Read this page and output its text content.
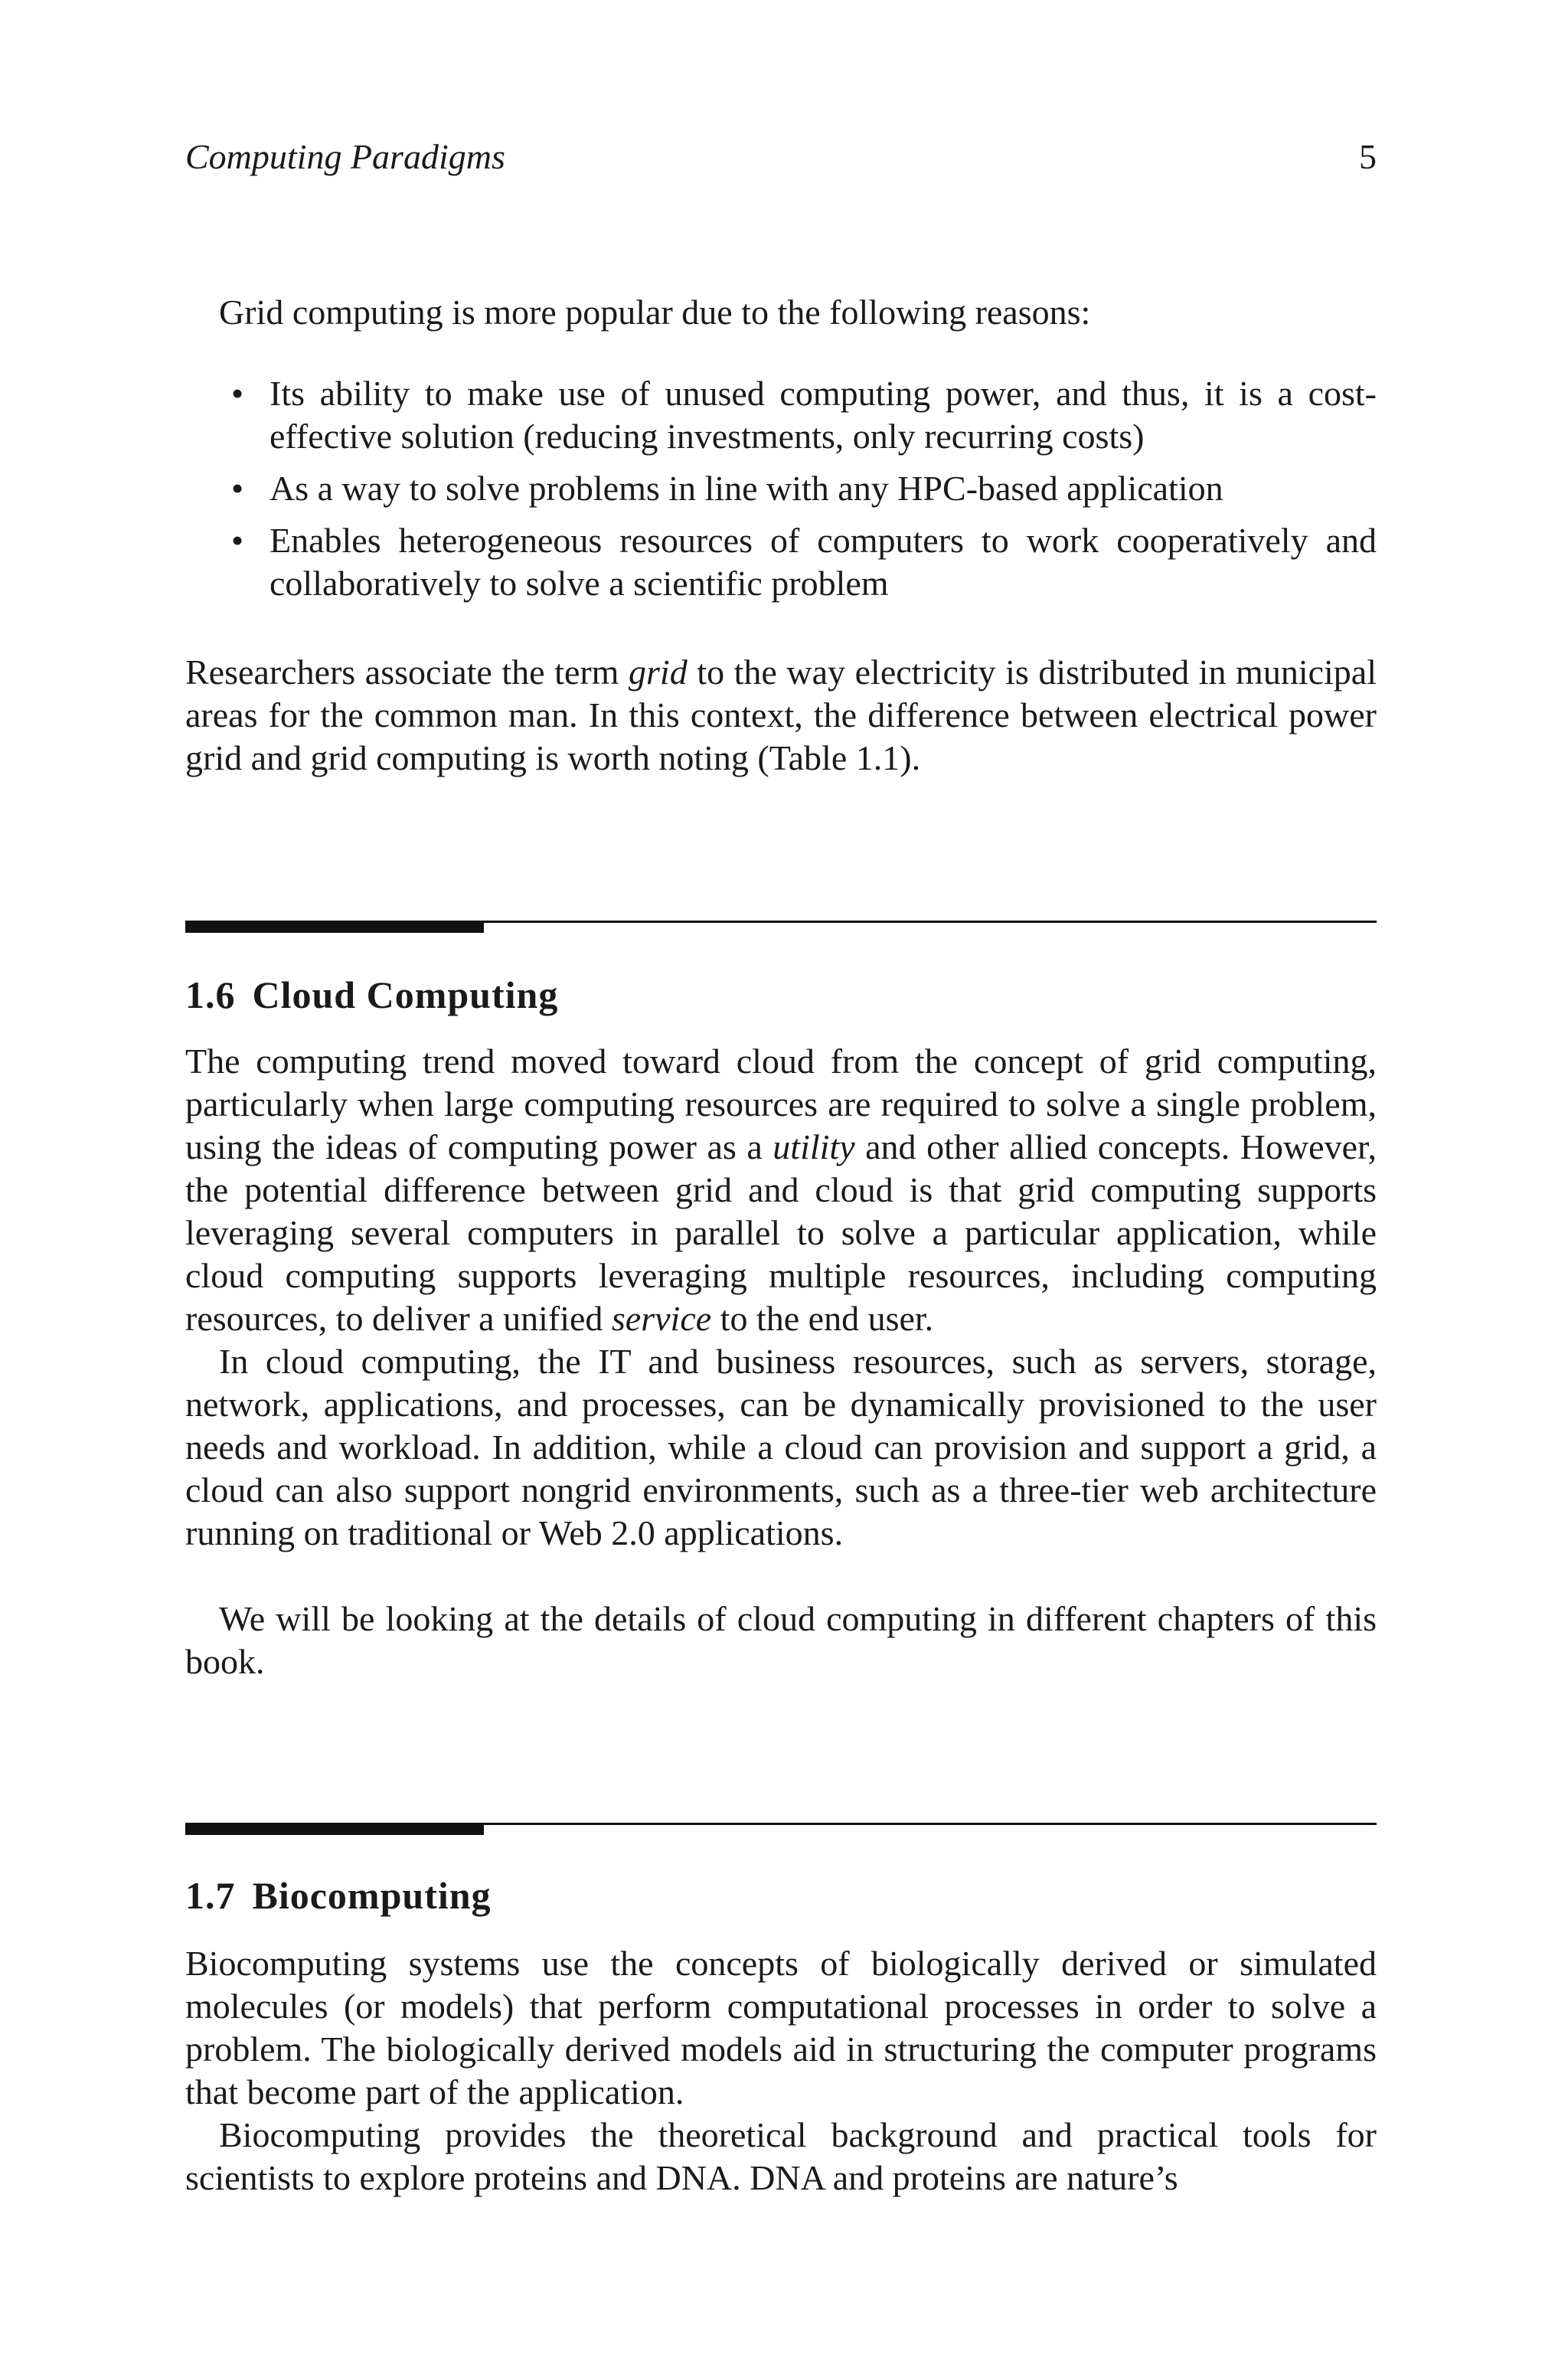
Computing Paradigms	5

Grid computing is more popular due to the following reasons:

• Its ability to make use of unused computing power, and thus, it is a cost-effective solution (reducing investments, only recurring costs)
• As a way to solve problems in line with any HPC-based application
• Enables heterogeneous resources of computers to work cooperatively and collaboratively to solve a scientific problem

Researchers associate the term grid to the way electricity is distributed in municipal areas for the common man. In this context, the difference between electrical power grid and grid computing is worth noting (Table 1.1).

1.6 Cloud Computing

The computing trend moved toward cloud from the concept of grid computing, particularly when large computing resources are required to solve a single problem, using the ideas of computing power as a utility and other allied concepts. However, the potential difference between grid and cloud is that grid computing supports leveraging several computers in parallel to solve a particular application, while cloud computing supports leveraging multiple resources, including computing resources, to deliver a unified service to the end user.

In cloud computing, the IT and business resources, such as servers, storage, network, applications, and processes, can be dynamically provisioned to the user needs and workload. In addition, while a cloud can provision and support a grid, a cloud can also support nongrid environments, such as a three-tier web architecture running on traditional or Web 2.0 applications.

We will be looking at the details of cloud computing in different chapters of this book.

1.7 Biocomputing

Biocomputing systems use the concepts of biologically derived or simulated molecules (or models) that perform computational processes in order to solve a problem. The biologically derived models aid in structuring the computer programs that become part of the application.

Biocomputing provides the theoretical background and practical tools for scientists to explore proteins and DNA. DNA and proteins are nature’s
